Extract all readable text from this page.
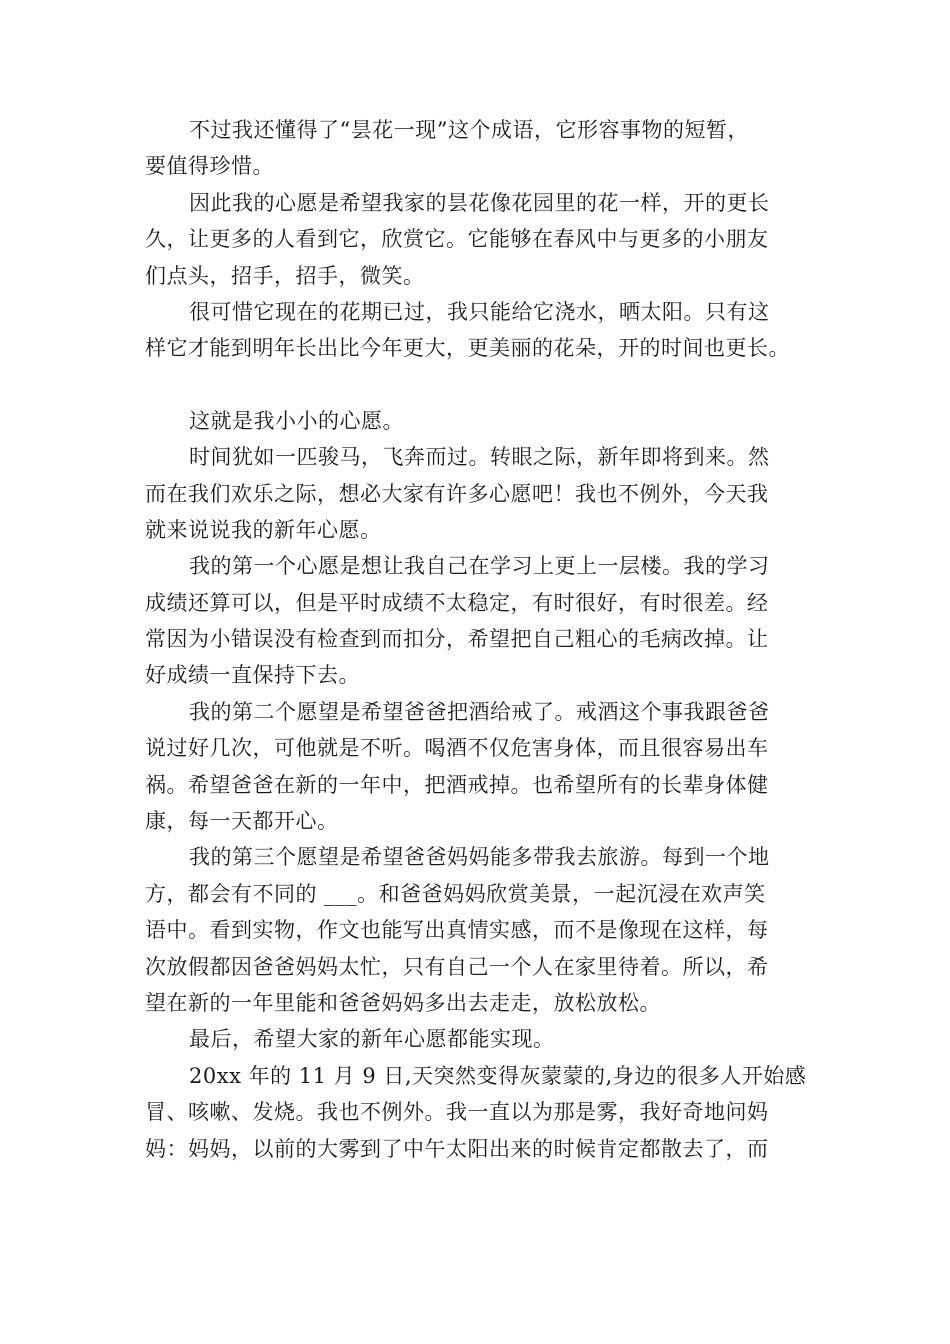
不过我还懂得了“昙花一现”这个成语，它形容事物的短暂，
要值得珍惜。
因此我的心愿是希望我家的昙花像花园里的花一样，开的更长
久，让更多的人看到它，欣赏它。它能够在春风中与更多的小朋友
们点头，招手，招手，微笑。
很可惜它现在的花期已过，我只能给它浇水，晒太阳。只有这
样它才能到明年长出比今年更大，更美丽的花朵，开的时间也更长。
这就是我小小的心愿。
时间犹如一匹骏马，飞奔而过。转眼之际，新年即将到来。然
而在我们欢乐之际，想必大家有许多心愿吧！我也不例外，今天我
就来说说我的新年心愿。
我的第一个心愿是想让我自己在学习上更上一层楼。我的学习
成绩还算可以，但是平时成绩不太稳定，有时很好，有时很差。经
常因为小错误没有检查到而扣分，希望把自己粗心的毛病改掉。让
好成绩一直保持下去。
我的第二个愿望是希望爸爸把酒给戒了。戒酒这个事我跟爸爸
说过好几次，可他就是不听。喝酒不仅危害身体，而且很容易出车
祸。希望爸爸在新的一年中，把酒戒掉。也希望所有的长辈身体健
康，每一天都开心。
我的第三个愿望是希望爸爸妈妈能多带我去旅游。每到一个地
方，都会有不同的 ___。和爸爸妈妈欣赏美景，一起沉浸在欢声笑
语中。看到实物，作文也能写出真情实感，而不是像现在这样，每
次放假都因爸爸妈妈太忙，只有自己一个人在家里待着。所以，希
望在新的一年里能和爸爸妈妈多出去走走，放松放松。
最后，希望大家的新年心愿都能实现。
20xx 年的 11 月 9 日,天突然变得灰蒙蒙的,身边的很多人开始感
冒、咳嗽、发烧。我也不例外。我一直以为那是雾，我好奇地问妈
妈：妈妈，以前的大雾到了中午太阳出来的时候肯定都散去了，而
